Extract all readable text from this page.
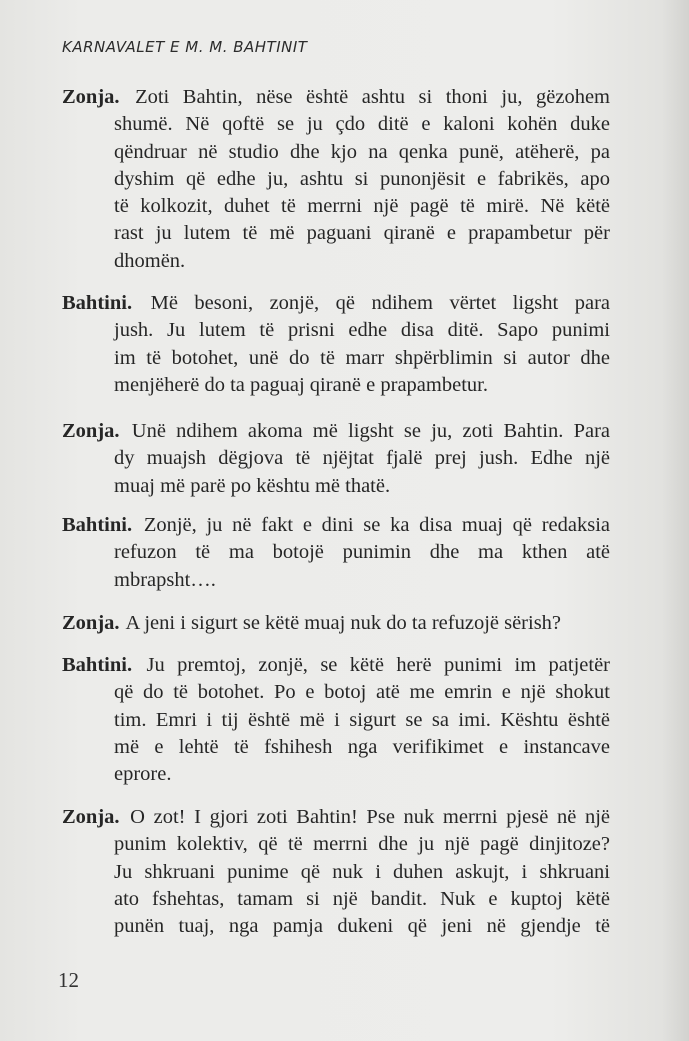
KARNAVALET E M. M. BAHTINIT
Zonja. Zoti Bahtin, nëse është ashtu si thoni ju, gëzohem
shumë. Në qoftë se ju çdo ditë e kaloni kohën duke
qëndruar në studio dhe kjo na qenka punë, atëherë, pa
dyshim që edhe ju, ashtu si punonjësit e fabrikës, apo
të kolkozit, duhet të merrni një pagë të mirë. Në këtë
rast ju lutem të më paguani qiranë e prapambetur për
dhomën.
Bahtini. Më besoni, zonjë, që ndihem vërtet ligsht para
jush. Ju lutem të prisni edhe disa ditë. Sapo punimi
im të botohet, unë do të marr shpërblimin si autor dhe
menjëherë do ta paguaj qiranë e prapambetur.
Zonja. Unë ndihem akoma më ligsht se ju, zoti Bahtin. Para
dy muajsh dëgjova të njëjtat fjalë prej jush. Edhe një
muaj më parë po kështu më thatë.
Bahtini. Zonjë, ju në fakt e dini se ka disa muaj që redaksia
refuzon të ma botojë punimin dhe ma kthen atë
mbrapsht….
Zonja. A jeni i sigurt se këtë muaj nuk do ta refuzojë sërish?
Bahtini. Ju premtoj, zonjë, se këtë herë punimi im patjetër
që do të botohet. Po e botoj atë me emrin e një shokut
tim. Emri i tij është më i sigurt se sa imi. Kështu është
më e lehtë të fshihesh nga verifikimet e instancave
eprore.
Zonja. O zot! I gjori zoti Bahtin! Pse nuk merrni pjesë në një
punim kolektiv, që të merrni dhe ju një pagë dinjitoze?
Ju shkruani punime që nuk i duhen askujt, i shkruani
ato fshehtas, tamam si një bandit. Nuk e kuptoj këtë
punën tuaj, nga pamja dukeni që jeni në gjendje të
12
